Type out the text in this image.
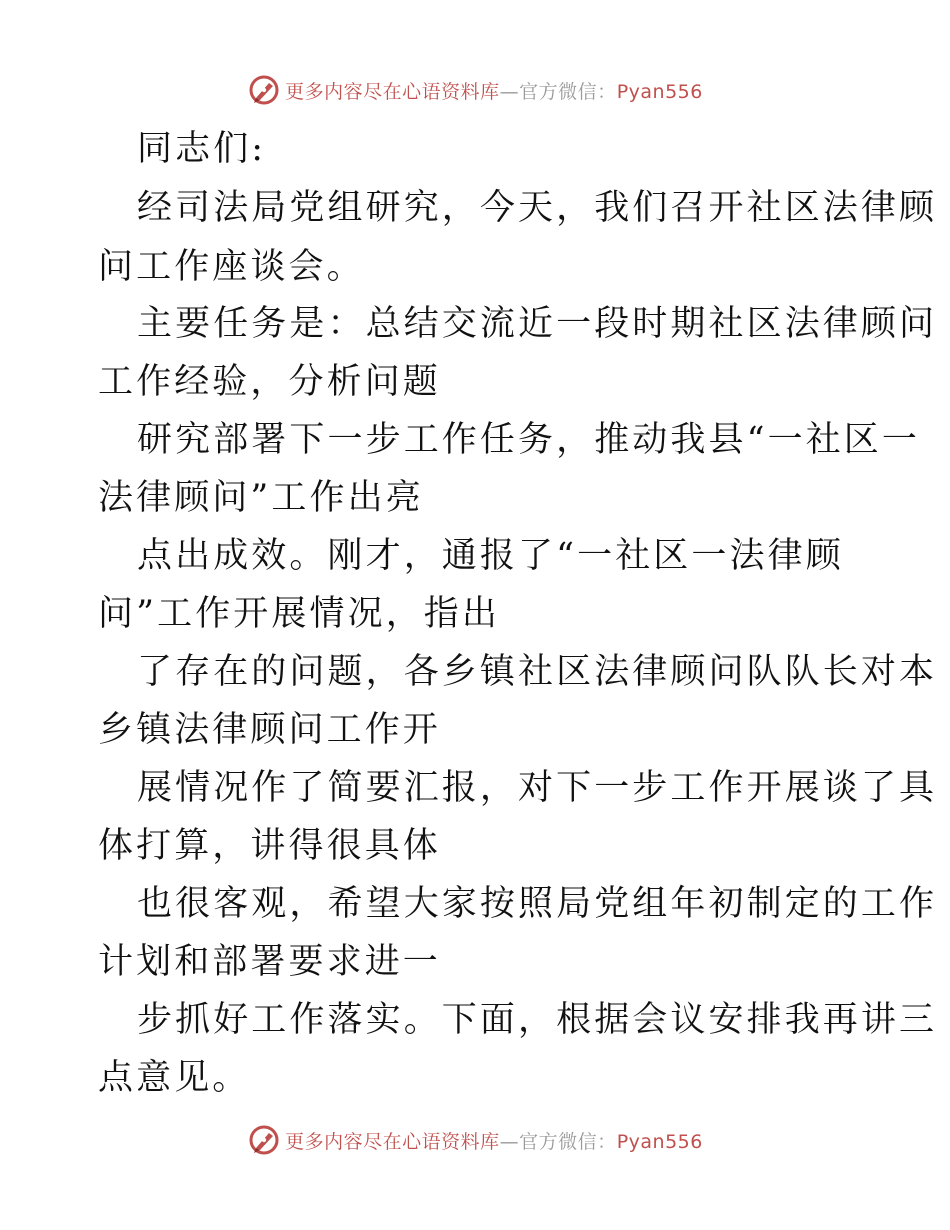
更多内容尽在心语资料库—官方微信：Pyan556
同志们:
经司法局党组研究，今天，我们召开社区法律顾
问工作座谈会。
主要任务是：总结交流近一段时期社区法律顾问
工作经验，分析问题
研究部署下一步工作任务，推动我县“一社区一
法律顾问”工作出亮
点出成效。刚才，通报了“一社区一法律顾
问”工作开展情况，指出
了存在的问题，各乡镇社区法律顾问队队长对本
乡镇法律顾问工作开
展情况作了简要汇报，对下一步工作开展谈了具
体打算，讲得很具体
也很客观，希望大家按照局党组年初制定的工作
计划和部署要求进一
步抓好工作落实。下面，根据会议安排我再讲三
点意见。
更多内容尽在心语资料库—官方微信：Pyan556
